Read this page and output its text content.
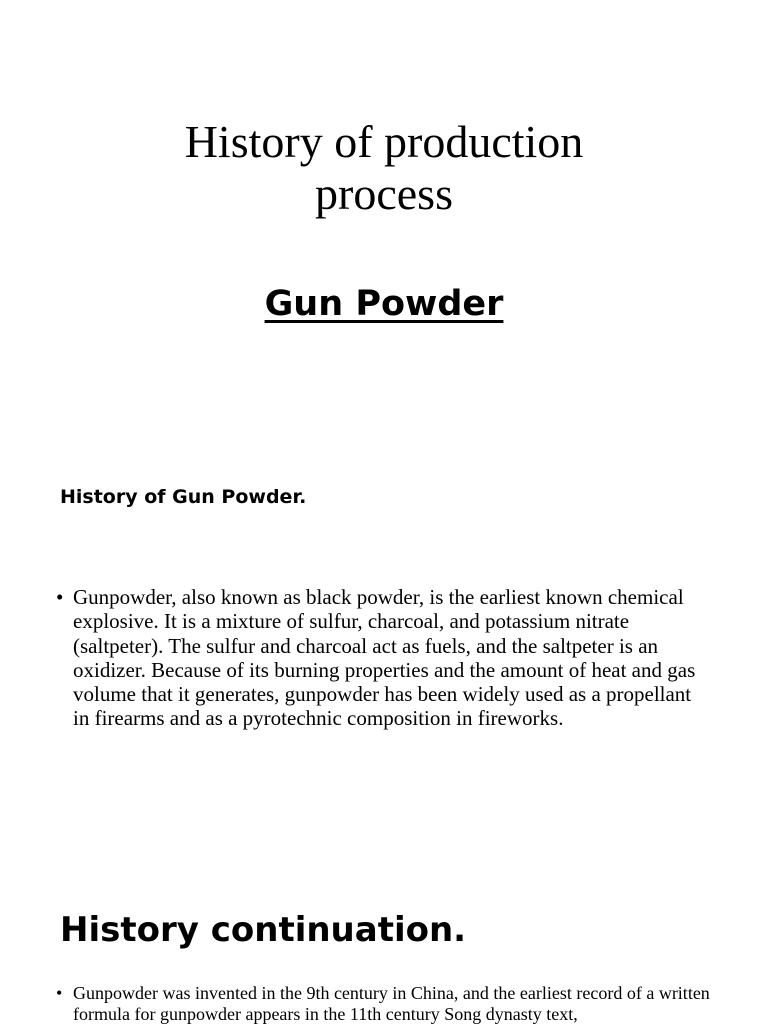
History of production
process
Gun Powder
History of Gun Powder.
• Gunpowder, also known as black powder, is the earliest known chemical explosive. It is a mixture of sulfur, charcoal, and potassium nitrate (saltpeter). The sulfur and charcoal act as fuels, and the saltpeter is an oxidizer. Because of its burning properties and the amount of heat and gas volume that it generates, gunpowder has been widely used as a propellant in firearms and as a pyrotechnic composition in fireworks.
History continuation.
• Gunpowder was invented in the 9th century in China, and the earliest record of a written formula for gunpowder appears in the 11th century Song dynasty text,
